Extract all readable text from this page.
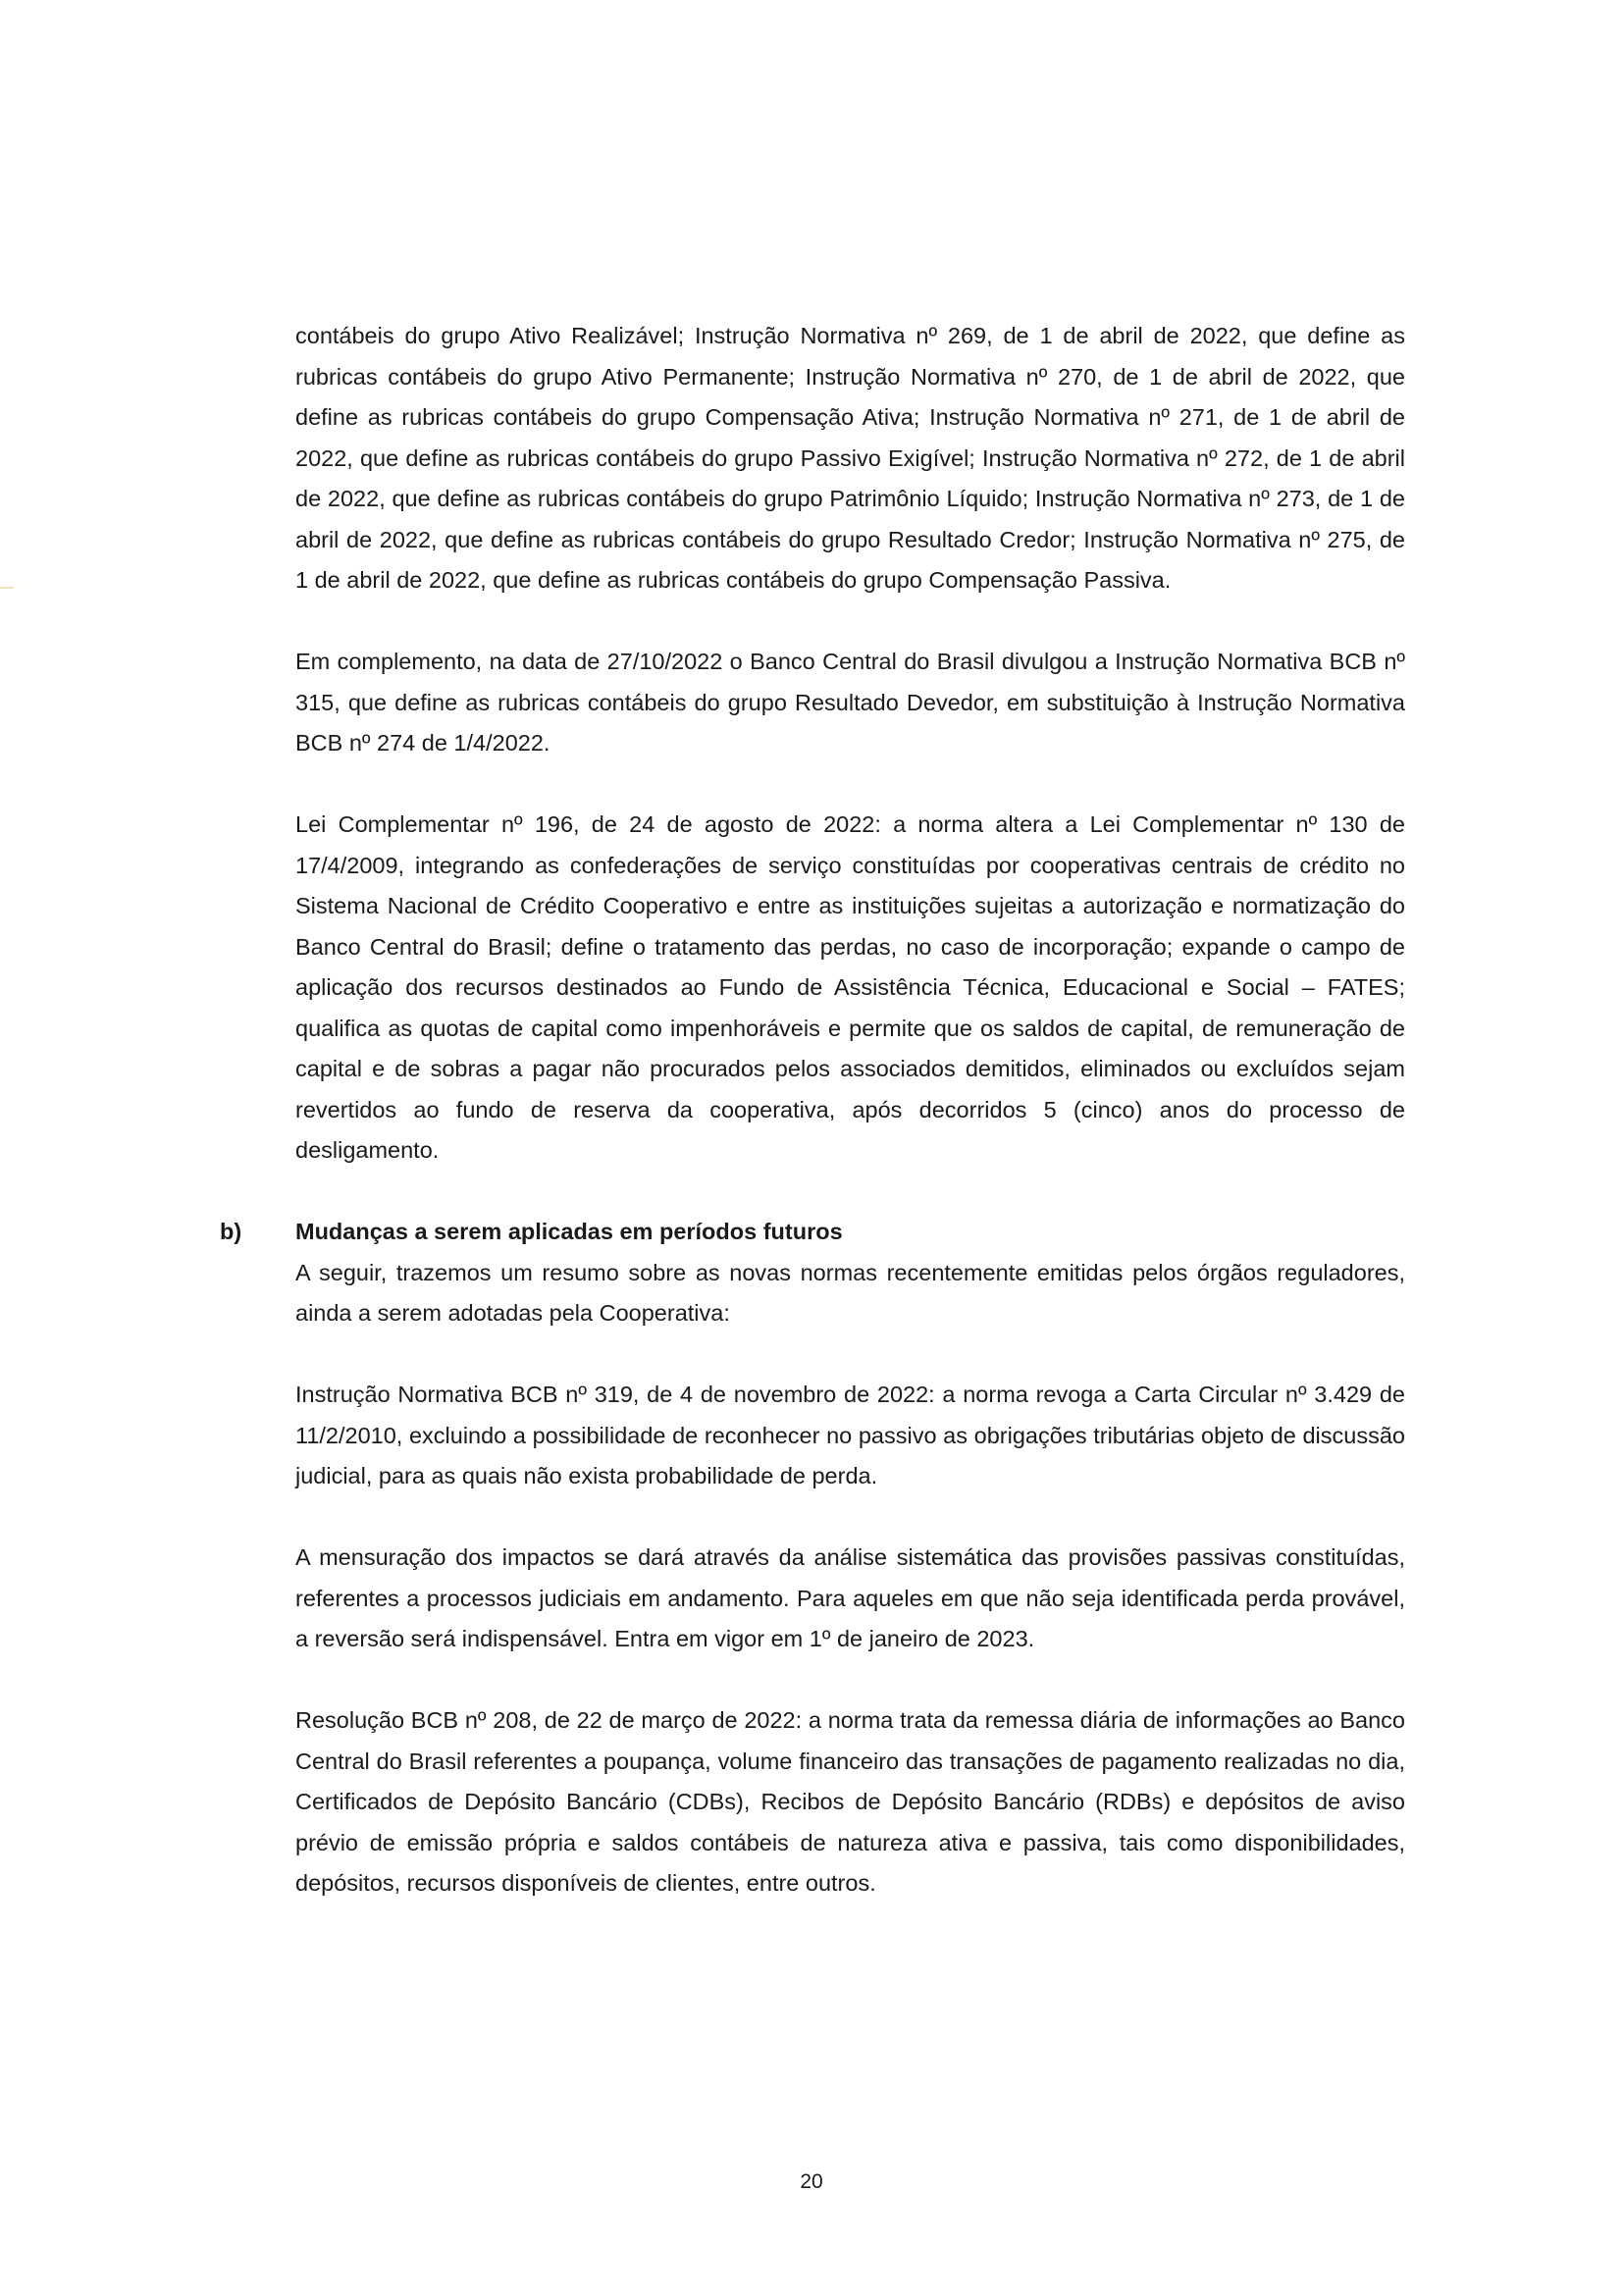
contábeis do grupo Ativo Realizável; Instrução Normativa nº 269, de 1 de abril de 2022, que define as rubricas contábeis do grupo Ativo Permanente; Instrução Normativa nº 270, de 1 de abril de 2022, que define as rubricas contábeis do grupo Compensação Ativa; Instrução Normativa nº 271, de 1 de abril de 2022, que define as rubricas contábeis do grupo Passivo Exigível; Instrução Normativa nº 272, de 1 de abril de 2022, que define as rubricas contábeis do grupo Patrimônio Líquido; Instrução Normativa nº 273, de 1 de abril de 2022, que define as rubricas contábeis do grupo Resultado Credor; Instrução Normativa nº 275, de 1 de abril de 2022, que define as rubricas contábeis do grupo Compensação Passiva.

Em complemento, na data de 27/10/2022 o Banco Central do Brasil divulgou a Instrução Normativa BCB nº 315, que define as rubricas contábeis do grupo Resultado Devedor, em substituição à Instrução Normativa BCB nº 274 de 1/4/2022.

Lei Complementar nº 196, de 24 de agosto de 2022: a norma altera a Lei Complementar nº 130 de 17/4/2009, integrando as confederações de serviço constituídas por cooperativas centrais de crédito no Sistema Nacional de Crédito Cooperativo e entre as instituições sujeitas a autorização e normatização do Banco Central do Brasil; define o tratamento das perdas, no caso de incorporação; expande o campo de aplicação dos recursos destinados ao Fundo de Assistência Técnica, Educacional e Social – FATES; qualifica as quotas de capital como impenhoráveis e permite que os saldos de capital, de remuneração de capital e de sobras a pagar não procurados pelos associados demitidos, eliminados ou excluídos sejam revertidos ao fundo de reserva da cooperativa, após decorridos 5 (cinco) anos do processo de desligamento.

b) Mudanças a serem aplicadas em períodos futuros

A seguir, trazemos um resumo sobre as novas normas recentemente emitidas pelos órgãos reguladores, ainda a serem adotadas pela Cooperativa:

Instrução Normativa BCB nº 319, de 4 de novembro de 2022: a norma revoga a Carta Circular nº 3.429 de 11/2/2010, excluindo a possibilidade de reconhecer no passivo as obrigações tributárias objeto de discussão judicial, para as quais não exista probabilidade de perda.

A mensuração dos impactos se dará através da análise sistemática das provisões passivas constituídas, referentes a processos judiciais em andamento. Para aqueles em que não seja identificada perda provável, a reversão será indispensável. Entra em vigor em 1º de janeiro de 2023.

Resolução BCB nº 208, de 22 de março de 2022: a norma trata da remessa diária de informações ao Banco Central do Brasil referentes a poupança, volume financeiro das transações de pagamento realizadas no dia, Certificados de Depósito Bancário (CDBs), Recibos de Depósito Bancário (RDBs) e depósitos de aviso prévio de emissão própria e saldos contábeis de natureza ativa e passiva, tais como disponibilidades, depósitos, recursos disponíveis de clientes, entre outros.

20
